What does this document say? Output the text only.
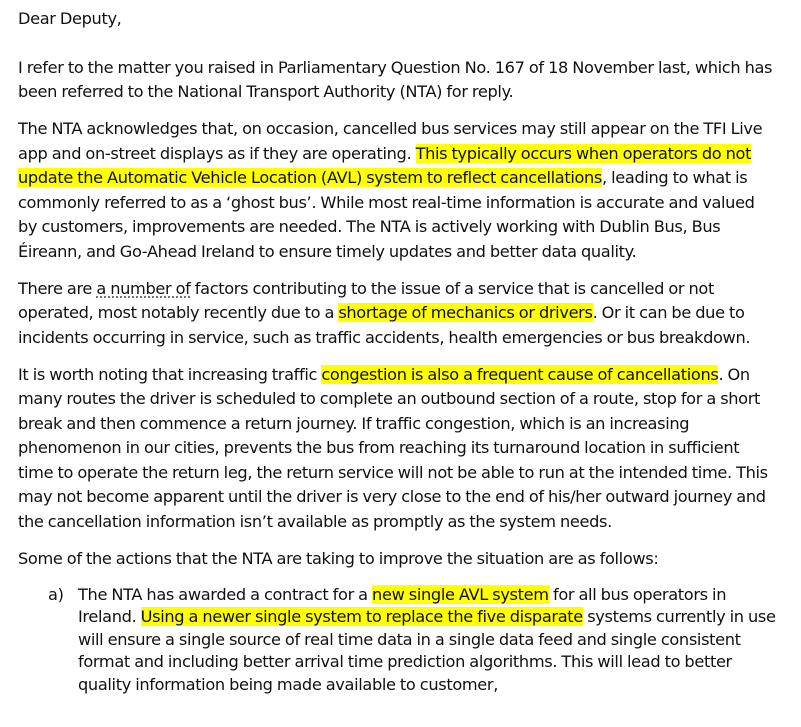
Dear Deputy,

I refer to the matter you raised in Parliamentary Question No. 167 of 18 November last, which has been referred to the National Transport Authority (NTA) for reply.

The NTA acknowledges that, on occasion, cancelled bus services may still appear on the TFI Live app and on-street displays as if they are operating. This typically occurs when operators do not update the Automatic Vehicle Location (AVL) system to reflect cancellations, leading to what is commonly referred to as a ‘ghost bus’. While most real-time information is accurate and valued by customers, improvements are needed. The NTA is actively working with Dublin Bus, Bus Éireann, and Go-Ahead Ireland to ensure timely updates and better data quality.

There are a number of factors contributing to the issue of a service that is cancelled or not operated, most notably recently due to a shortage of mechanics or drivers. Or it can be due to incidents occurring in service, such as traffic accidents, health emergencies or bus breakdown.

It is worth noting that increasing traffic congestion is also a frequent cause of cancellations. On many routes the driver is scheduled to complete an outbound section of a route, stop for a short break and then commence a return journey. If traffic congestion, which is an increasing phenomenon in our cities, prevents the bus from reaching its turnaround location in sufficient time to operate the return leg, the return service will not be able to run at the intended time. This may not become apparent until the driver is very close to the end of his/her outward journey and the cancellation information isn’t available as promptly as the system needs.

Some of the actions that the NTA are taking to improve the situation are as follows:

a) The NTA has awarded a contract for a new single AVL system for all bus operators in Ireland. Using a newer single system to replace the five disparate systems currently in use will ensure a single source of real time data in a single data feed and single consistent format and including better arrival time prediction algorithms. This will lead to better quality information being made available to customer,
